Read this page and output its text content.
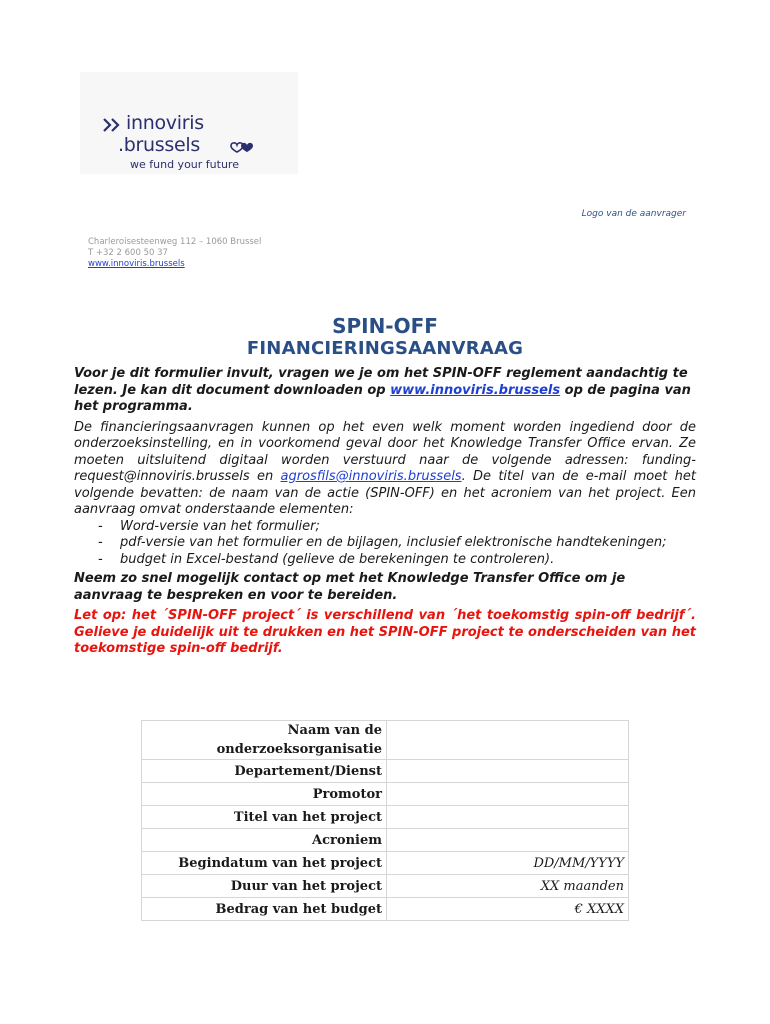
innoviris
.brussels
we fund your future
Logo van de aanvrager
Charleroisesteenweg 112 – 1060 Brussel
T +32 2 600 50 37
www.innoviris.brussels
SPIN-OFF
FINANCIERINGSAANVRAAG

Voor je dit formulier invult, vragen we je om het SPIN-OFF reglement aandachtig te lezen. Je kan dit document downloaden op www.innoviris.brussels op de pagina van het programma.

De financieringsaanvragen kunnen op het even welk moment worden ingediend door de onderzoeksinstelling, en in voorkomend geval door het Knowledge Transfer Office ervan. Ze moeten uitsluitend digitaal worden verstuurd naar de volgende adressen: funding-request@innoviris.brussels en agrosfils@innoviris.brussels. De titel van de e-mail moet het volgende bevatten: de naam van de actie (SPIN-OFF) en het acroniem van het project. Een aanvraag omvat onderstaande elementen:

- Word-versie van het formulier;
- pdf-versie van het formulier en de bijlagen, inclusief elektronische handtekeningen;
- budget in Excel-bestand (gelieve de berekeningen te controleren).

Neem zo snel mogelijk contact op met het Knowledge Transfer Office om je aanvraag te bespreken en voor te bereiden.

Let op: het ´SPIN-OFF project´ is verschillend van ´het toekomstig spin-off bedrijf´. Gelieve je duidelijk uit te drukken en het SPIN-OFF project te onderscheiden van het toekomstige spin-off bedrijf.

Naam van de onderzoeksorganisatie	
Departement/Dienst	
Promotor	
Titel van het project	
Acroniem	
Begindatum van het project	DD/MM/YYYY
Duur van het project	XX maanden
Bedrag van het budget	€ XXXX
